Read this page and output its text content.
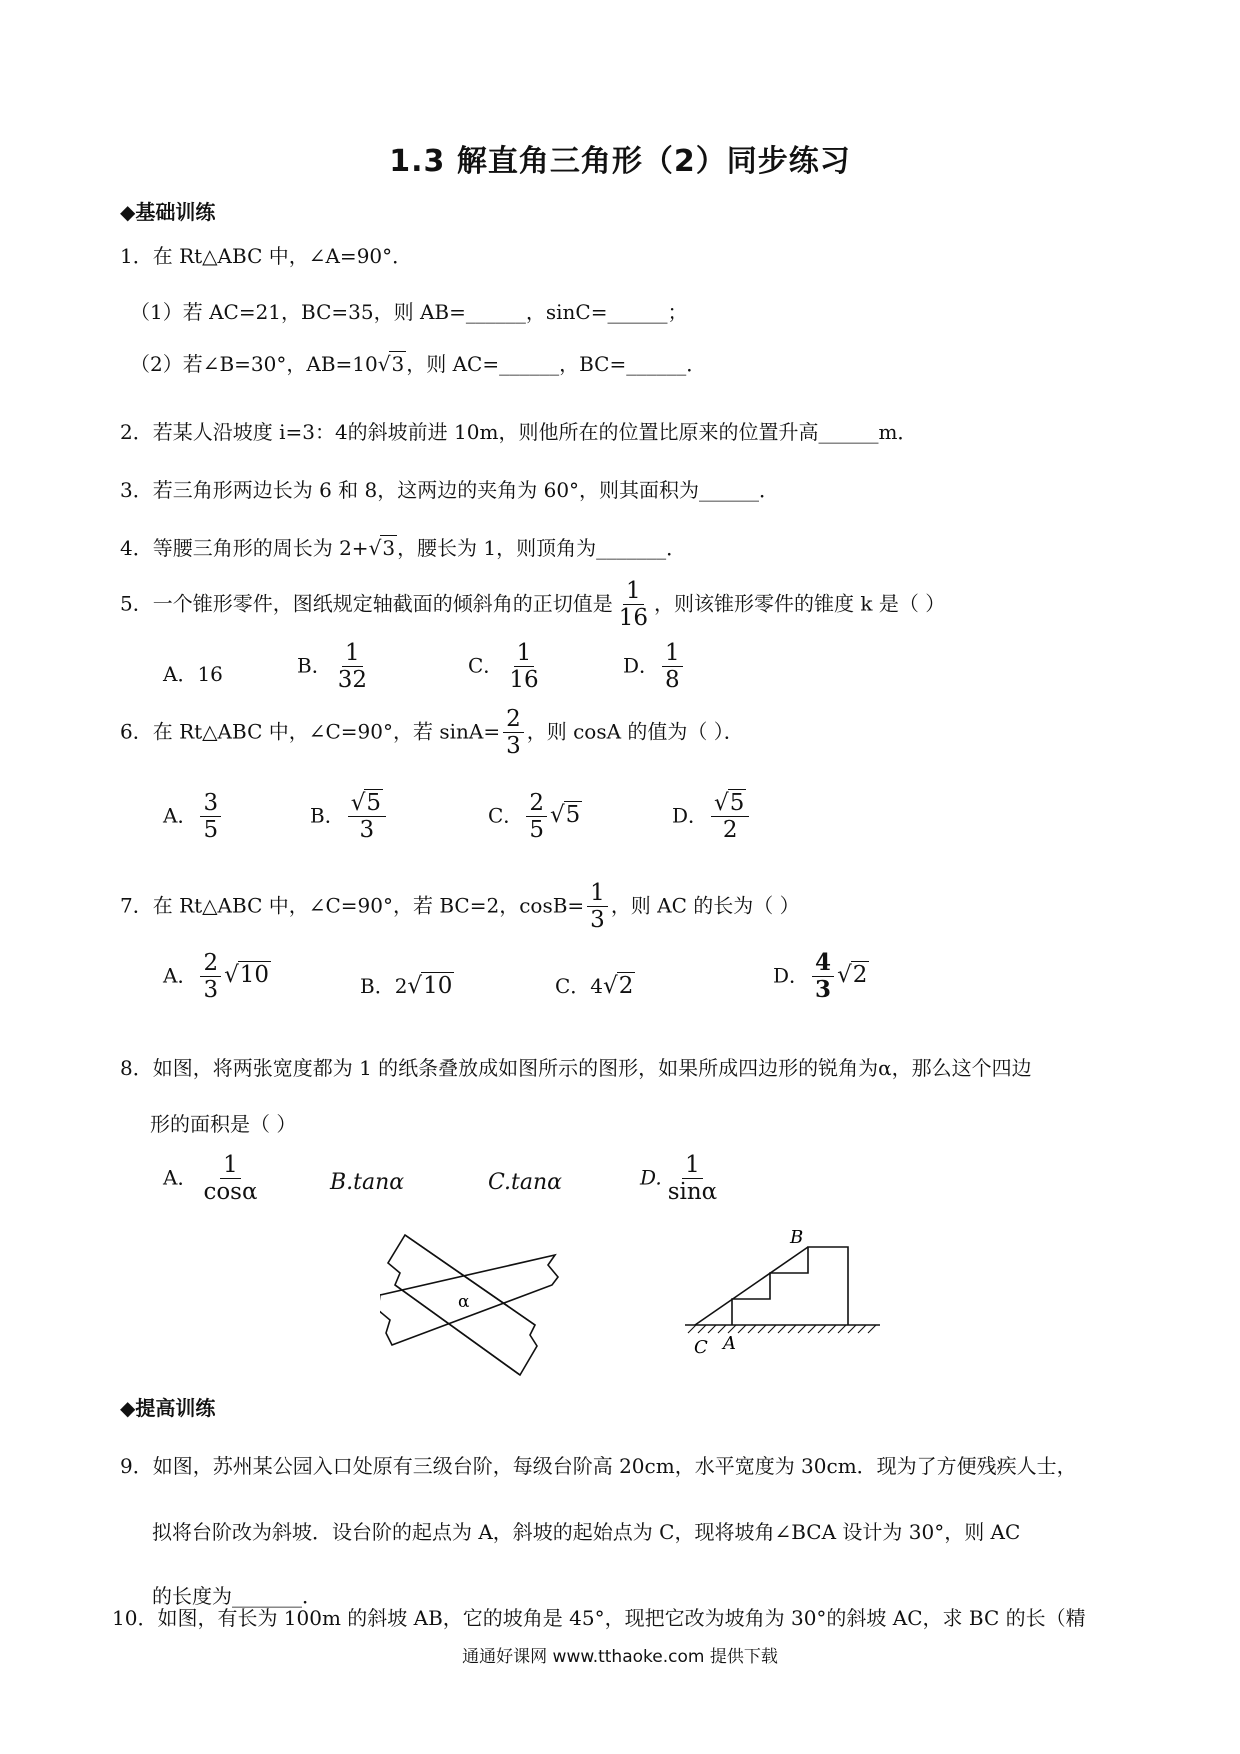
1.3 解直角三角形（2）同步练习
◆基础训练
1．在 Rt△ABC 中，∠A=90°．
（1）若 AC=21，BC=35，则 AB=______，sinC=______；
（2）若∠B=30°，AB=10√3 ，则 AC=______，BC=______．
2．若某人沿坡度 i=3：4的斜坡前进 10m，则他所在的位置比原来的位置升高______m．
3．若三角形两边长为 6 和 8，这两边的夹角为 60°，则其面积为______．
4．等腰三角形的周长为 2+√3 ，腰长为 1，则顶角为_______．
5．一个锥形零件，图纸规定轴截面的倾斜角的正切值是 $\frac{1}{16}$ ，则该锥形零件的锥度 k 是（ ）
A．16	B． $\frac{1}{32}$	C． $\frac{1}{16}$	D． $\frac{1}{8}$
6．在 Rt△ABC 中，∠C=90°，若 $\sin A= \frac{2}{3}$ ，则 cosA 的值为（ ）．
A． $\frac{3}{5}$	B． $\frac{√5}{3}$	C． $\frac{2}{5} √5$	D． $\frac{√5}{2}$
7．在 Rt△ABC 中，∠C=90°，若 BC=2，$\cos B= \frac{1}{3}$ ，则 AC 的长为（ ）
A． $\frac{2}{3} √10$	B．2√10	C．4√2	D． $\frac{4}{3} √2$
8．如图，将两张宽度都为 1 的纸条叠放成如图所示的图形，如果所成四边形的锐角为α，那么这个四边
形的面积是（ ）
A． $\frac{1}{\cos\alpha}$	B.tanα	C.tanα	D. $\frac{1}{\sin\alpha}$
α
B
C A
◆提高训练
9．如图，苏州某公园入口处原有三级台阶，每级台阶高 20cm，水平宽度为 30cm．现为了方便残疾人士，
拟将台阶改为斜坡．设台阶的起点为 A，斜坡的起始点为 C，现将坡角∠BCA 设计为 30°，则 AC
的长度为_______．
10．如图，有长为 100m 的斜坡 AB，它的坡角是 45°，现把它改为坡角为 30°的斜坡 AC，求 BC 的长（精
通通好课网 www.tthaoke.com 提供下载
